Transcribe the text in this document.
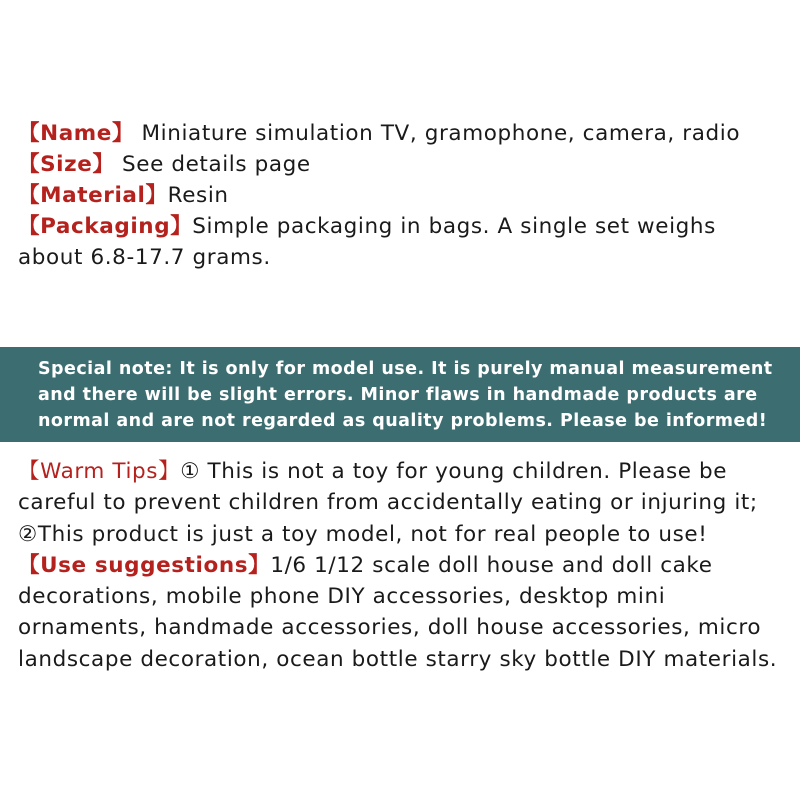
【Name】 Miniature simulation TV, gramophone, camera, radio

【Size】 See details page

【Material】Resin

【Packaging】Simple packaging in bags. A single set weighs about 6.8-17.7 grams.

Special note: It is only for model use. It is purely manual measurement

and there will be slight errors. Minor flaws in handmade products are

normal and are not regarded as quality problems. Please be informed!

【Warm Tips】① This is not a toy for young children. Please be careful to prevent children from accidentally eating or injuring it; ②This product is just a toy model, not for real people to use!

【Use suggestions】1/6 1/12 scale doll house and doll cake decorations, mobile phone DIY accessories, desktop mini ornaments, handmade accessories, doll house accessories, micro landscape decoration, ocean bottle starry sky bottle DIY materials.
